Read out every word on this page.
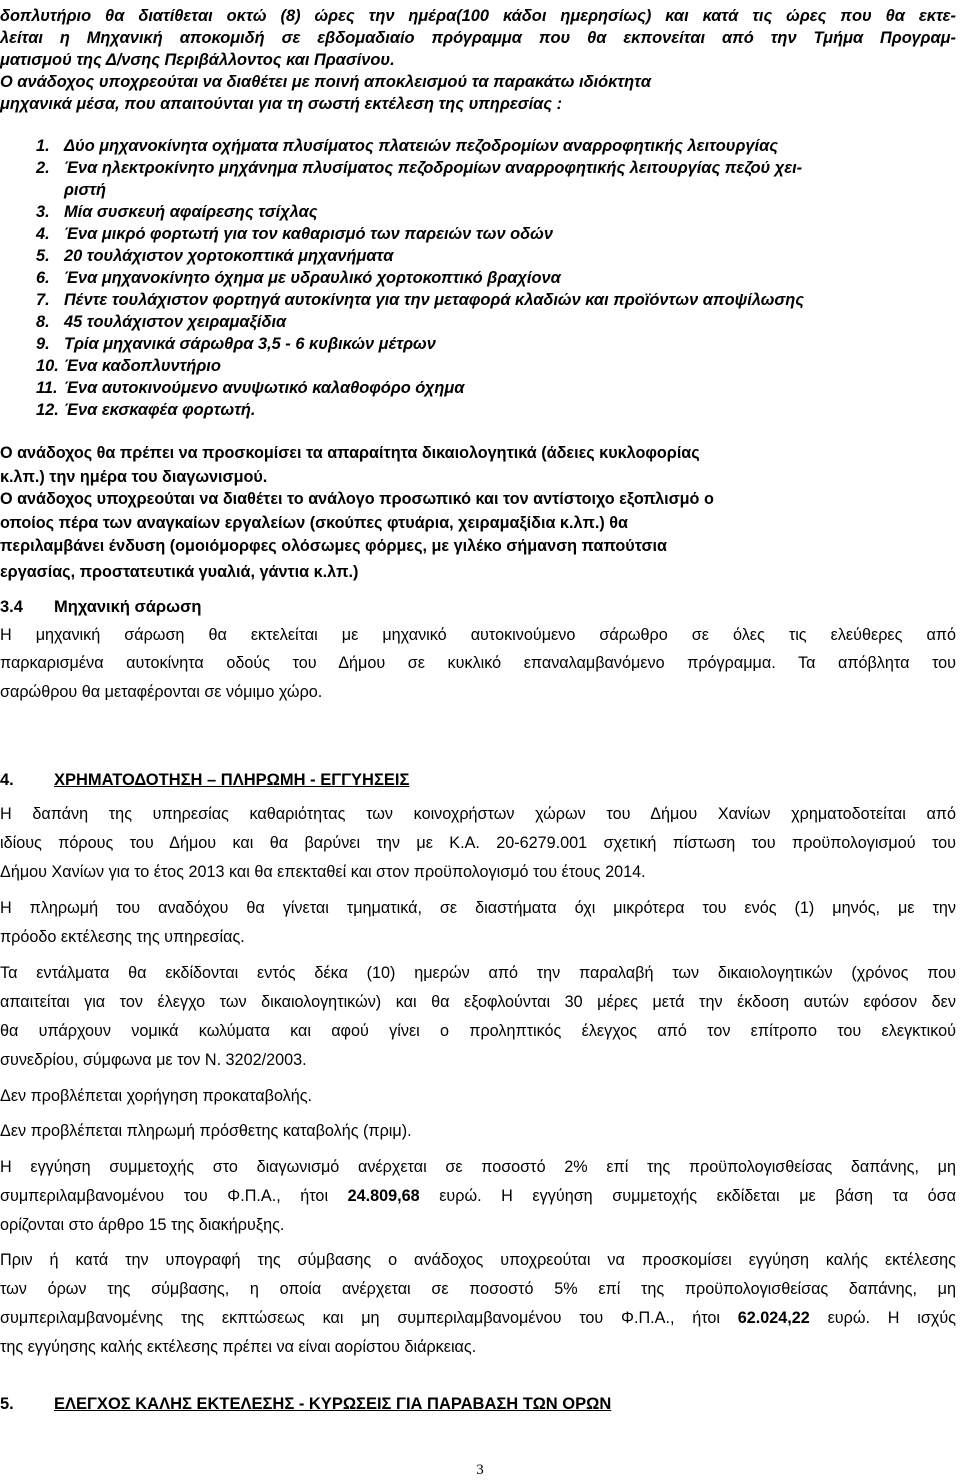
δοπλυτήριο θα διατίθεται οκτώ (8) ώρες την ημέρα(100 κάδοι ημερησίως) και κατά τις ώρες που θα εκτε-
λείται η Μηχανική αποκομιδή σε εβδομαδιαίο πρόγραμμα που θα εκπονείται από την Τμήμα Προγραμ-
ματισμού της Δ/νσης Περιβάλλοντος και Πρασίνου.
Ο ανάδοχος υποχρεούται να διαθέτει με ποινή αποκλεισμού τα παρακάτω ιδιόκτητα
μηχανικά μέσα, που απαιτούνται για τη σωστή εκτέλεση της υπηρεσίας :
1. Δύο μηχανοκίνητα οχήματα πλυσίματος πλατειών πεζοδρομίων αναρροφητικής λειτουργίας
2. Ένα ηλεκτροκίνητο μηχάνημα πλυσίματος πεζοδρομίων αναρροφητικής λειτουργίας πεζού χει-
ριστή
3. Μία συσκευή αφαίρεσης τσίχλας
4. Ένα μικρό φορτωτή για τον καθαρισμό των παρειών των οδών
5. 20 τουλάχιστον χορτοκοπτικά μηχανήματα
6. Ένα μηχανοκίνητο όχημα με υδραυλικό χορτοκοπτικό βραχίονα
7. Πέντε τουλάχιστον φορτηγά αυτοκίνητα για την μεταφορά κλαδιών και προϊόντων αποψίλωσης
8. 45 τουλάχιστον χειραμαξίδια
9. Τρία μηχανικά σάρωθρα 3,5 - 6 κυβικών μέτρων
10. Ένα καδοπλυντήριο
11. Ένα αυτοκινούμενο ανυψωτικό καλαθοφόρο όχημα
12. Ένα εκσκαφέα φορτωτή.
Ο ανάδοχος θα πρέπει να προσκομίσει τα απαραίτητα δικαιολογητικά (άδειες κυκλοφορίας
κ.λπ.) την ημέρα του διαγωνισμού.
Ο ανάδοχος υποχρεούται να διαθέτει το ανάλογο προσωπικό και τον αντίστοιχο εξοπλισμό ο
οποίος πέρα των αναγκαίων εργαλείων (σκούπες φτυάρια, χειραμαξίδια κ.λπ.) θα
περιλαμβάνει ένδυση (ομοιόμορφες ολόσωμες φόρμες, με γιλέκο σήμανση παπούτσια
εργασίας, προστατευτικά γυαλιά, γάντια κ.λπ.)
3.4 Μηχανική σάρωση
Η μηχανική σάρωση θα εκτελείται με μηχανικό αυτοκινούμενο σάρωθρο σε όλες τις ελεύθερες από
παρκαρισμένα αυτοκίνητα οδούς του Δήμου σε κυκλικό επαναλαμβανόμενο πρόγραμμα. Τα απόβλητα του
σαρώθρου θα μεταφέρονται σε νόμιμο χώρο.
4. ΧΡΗΜΑΤΟΔΟΤΗΣΗ – ΠΛΗΡΩΜΗ - ΕΓΓΥΗΣΕΙΣ
Η δαπάνη της υπηρεσίας καθαριότητας των κοινοχρήστων χώρων του Δήμου Χανίων χρηματοδοτείται από
ιδίους πόρους του Δήμου και θα βαρύνει την με Κ.Α. 20-6279.001 σχετική πίστωση του προϋπολογισμού του
Δήμου Χανίων για το έτος 2013 και θα επεκταθεί και στον προϋπολογισμό του έτους 2014.
Η πληρωμή του αναδόχου θα γίνεται τμηματικά, σε διαστήματα όχι μικρότερα του ενός (1) μηνός, με την
πρόοδο εκτέλεσης της υπηρεσίας.
Τα εντάλματα θα εκδίδονται εντός δέκα (10) ημερών από την παραλαβή των δικαιολογητικών (χρόνος που
απαιτείται για τον έλεγχο των δικαιολογητικών) και θα εξοφλούνται 30 μέρες μετά την έκδοση αυτών εφόσον δεν
θα υπάρχουν νομικά κωλύματα και αφού γίνει ο προληπτικός έλεγχος από τον επίτροπο του ελεγκτικού
συνεδρίου, σύμφωνα με τον Ν. 3202/2003.
Δεν προβλέπεται χορήγηση προκαταβολής.
Δεν προβλέπεται πληρωμή πρόσθετης καταβολής (πριμ).
Η εγγύηση συμμετοχής στο διαγωνισμό ανέρχεται σε ποσοστό 2% επί της προϋπολογισθείσας δαπάνης, μη
συμπεριλαμβανομένου του Φ.Π.Α., ήτοι 24.809,68 ευρώ. Η εγγύηση συμμετοχής εκδίδεται με βάση τα όσα
ορίζονται στο άρθρο 15 της διακήρυξης.
Πριν ή κατά την υπογραφή της σύμβασης ο ανάδοχος υποχρεούται να προσκομίσει εγγύηση καλής εκτέλεσης
των όρων της σύμβασης, η οποία ανέρχεται σε ποσοστό 5% επί της προϋπολογισθείσας δαπάνης, μη
συμπεριλαμβανομένης της εκπτώσεως και μη συμπεριλαμβανομένου του Φ.Π.Α., ήτοι 62.024,22 ευρώ. Η ισχύς
της εγγύησης καλής εκτέλεσης πρέπει να είναι αορίστου διάρκειας.
5. ΕΛΕΓΧΟΣ ΚΑΛΗΣ ΕΚΤΕΛΕΣΗΣ - ΚΥΡΩΣΕΙΣ ΓΙΑ ΠΑΡΑΒΑΣΗ ΤΩΝ ΟΡΩΝ
3
